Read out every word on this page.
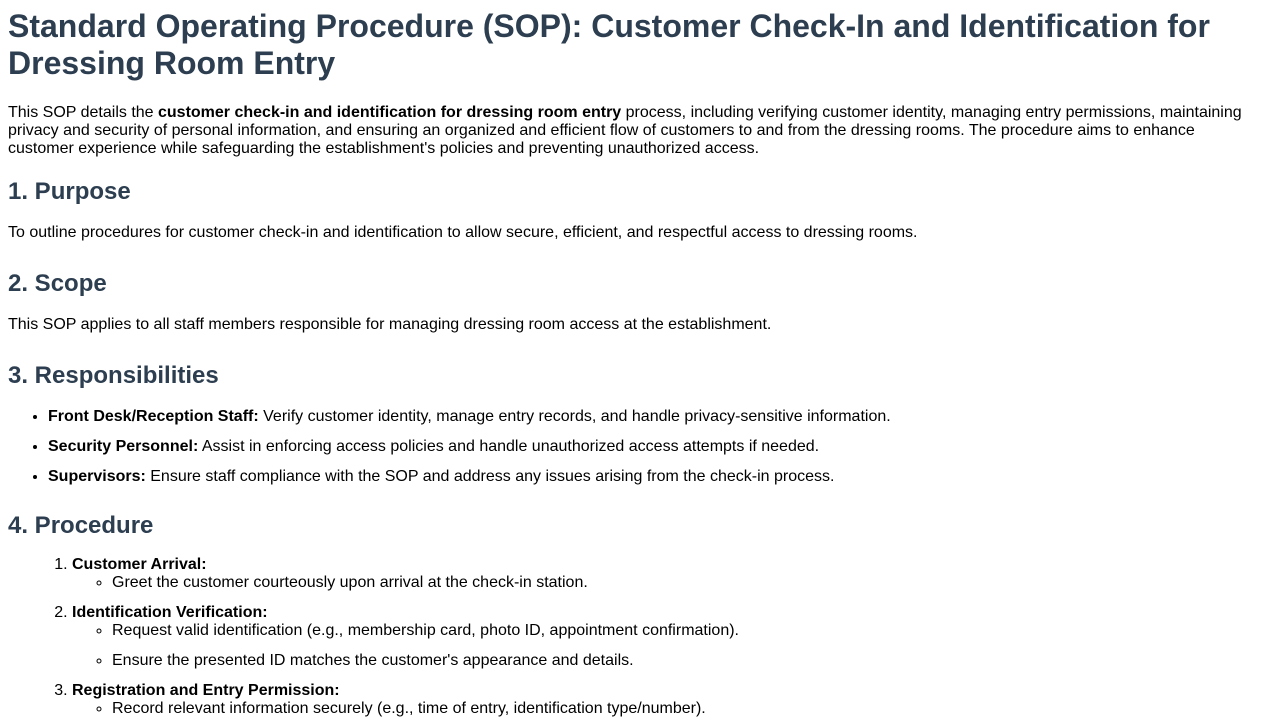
Standard Operating Procedure (SOP): Customer Check-In and Identification for Dressing Room Entry

This SOP details the customer check-in and identification for dressing room entry process, including verifying customer identity, managing entry permissions, maintaining privacy and security of personal information, and ensuring an organized and efficient flow of customers to and from the dressing rooms. The procedure aims to enhance customer experience while safeguarding the establishment's policies and preventing unauthorized access.

1. Purpose

To outline procedures for customer check-in and identification to allow secure, efficient, and respectful access to dressing rooms.

2. Scope

This SOP applies to all staff members responsible for managing dressing room access at the establishment.

3. Responsibilities
• Front Desk/Reception Staff: Verify customer identity, manage entry records, and handle privacy-sensitive information.
• Security Personnel: Assist in enforcing access policies and handle unauthorized access attempts if needed.
• Supervisors: Ensure staff compliance with the SOP and address any issues arising from the check-in process.
4. Procedure
1. Customer Arrival:
◦ Greet the customer courteously upon arrival at the check-in station.
2. Identification Verification:
◦ Request valid identification (e.g., membership card, photo ID, appointment confirmation).
◦ Ensure the presented ID matches the customer's appearance and details.
3. Registration and Entry Permission:
◦ Record relevant information securely (e.g., time of entry, identification type/number).
